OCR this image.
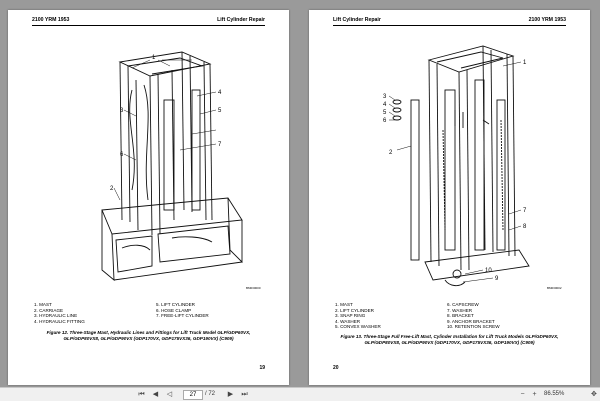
2100 YRM 1953	Lift Cylinder Repair
1
2
3
4
5
6
7
BM030000
1. MAST
2. CARRIAGE
3. HYDRAULIC LINE
4. HYDRAULIC FITTING
5. LIFT CYLINDER
6. HOSE CLAMP
7. FREE-LIFT CYLINDER
Figure 12. Three-Stage Mast, Hydraulic Lines and Fittings for Lift Truck Model GLP/GDP60VX, GLP/GDP80VX8, GLP/GDP90VX (GDP170VX, GDP175VX36, GDP190VX) (C909)
19
Lift Cylinder Repair	2100 YRM 1953
1
2
3
4
5
6
7
8
9
10
BM030002
1. MAST
2. LIFT CYLINDER
3. SNAP RING
4. WASHER
5. CONVEX WASHER
6. CAPSCREW
7. WASHER
8. BRACKET
9. ANCHOR BRACKET
10. RETENTION SCREW
Figure 13. Three-Stage Full Free-Lift Mast, Cylinder Installation for Lift Truck Models GLP/GDP60VX, GLP/GDP80VX8, GLP/GDP90VX (GDP170VX, GDP175VX36, GDP190VX) (C909)
20
⏮ ◀ ◁	27	/ 72 ▶ ⏭	−	+	86.55%	✥
